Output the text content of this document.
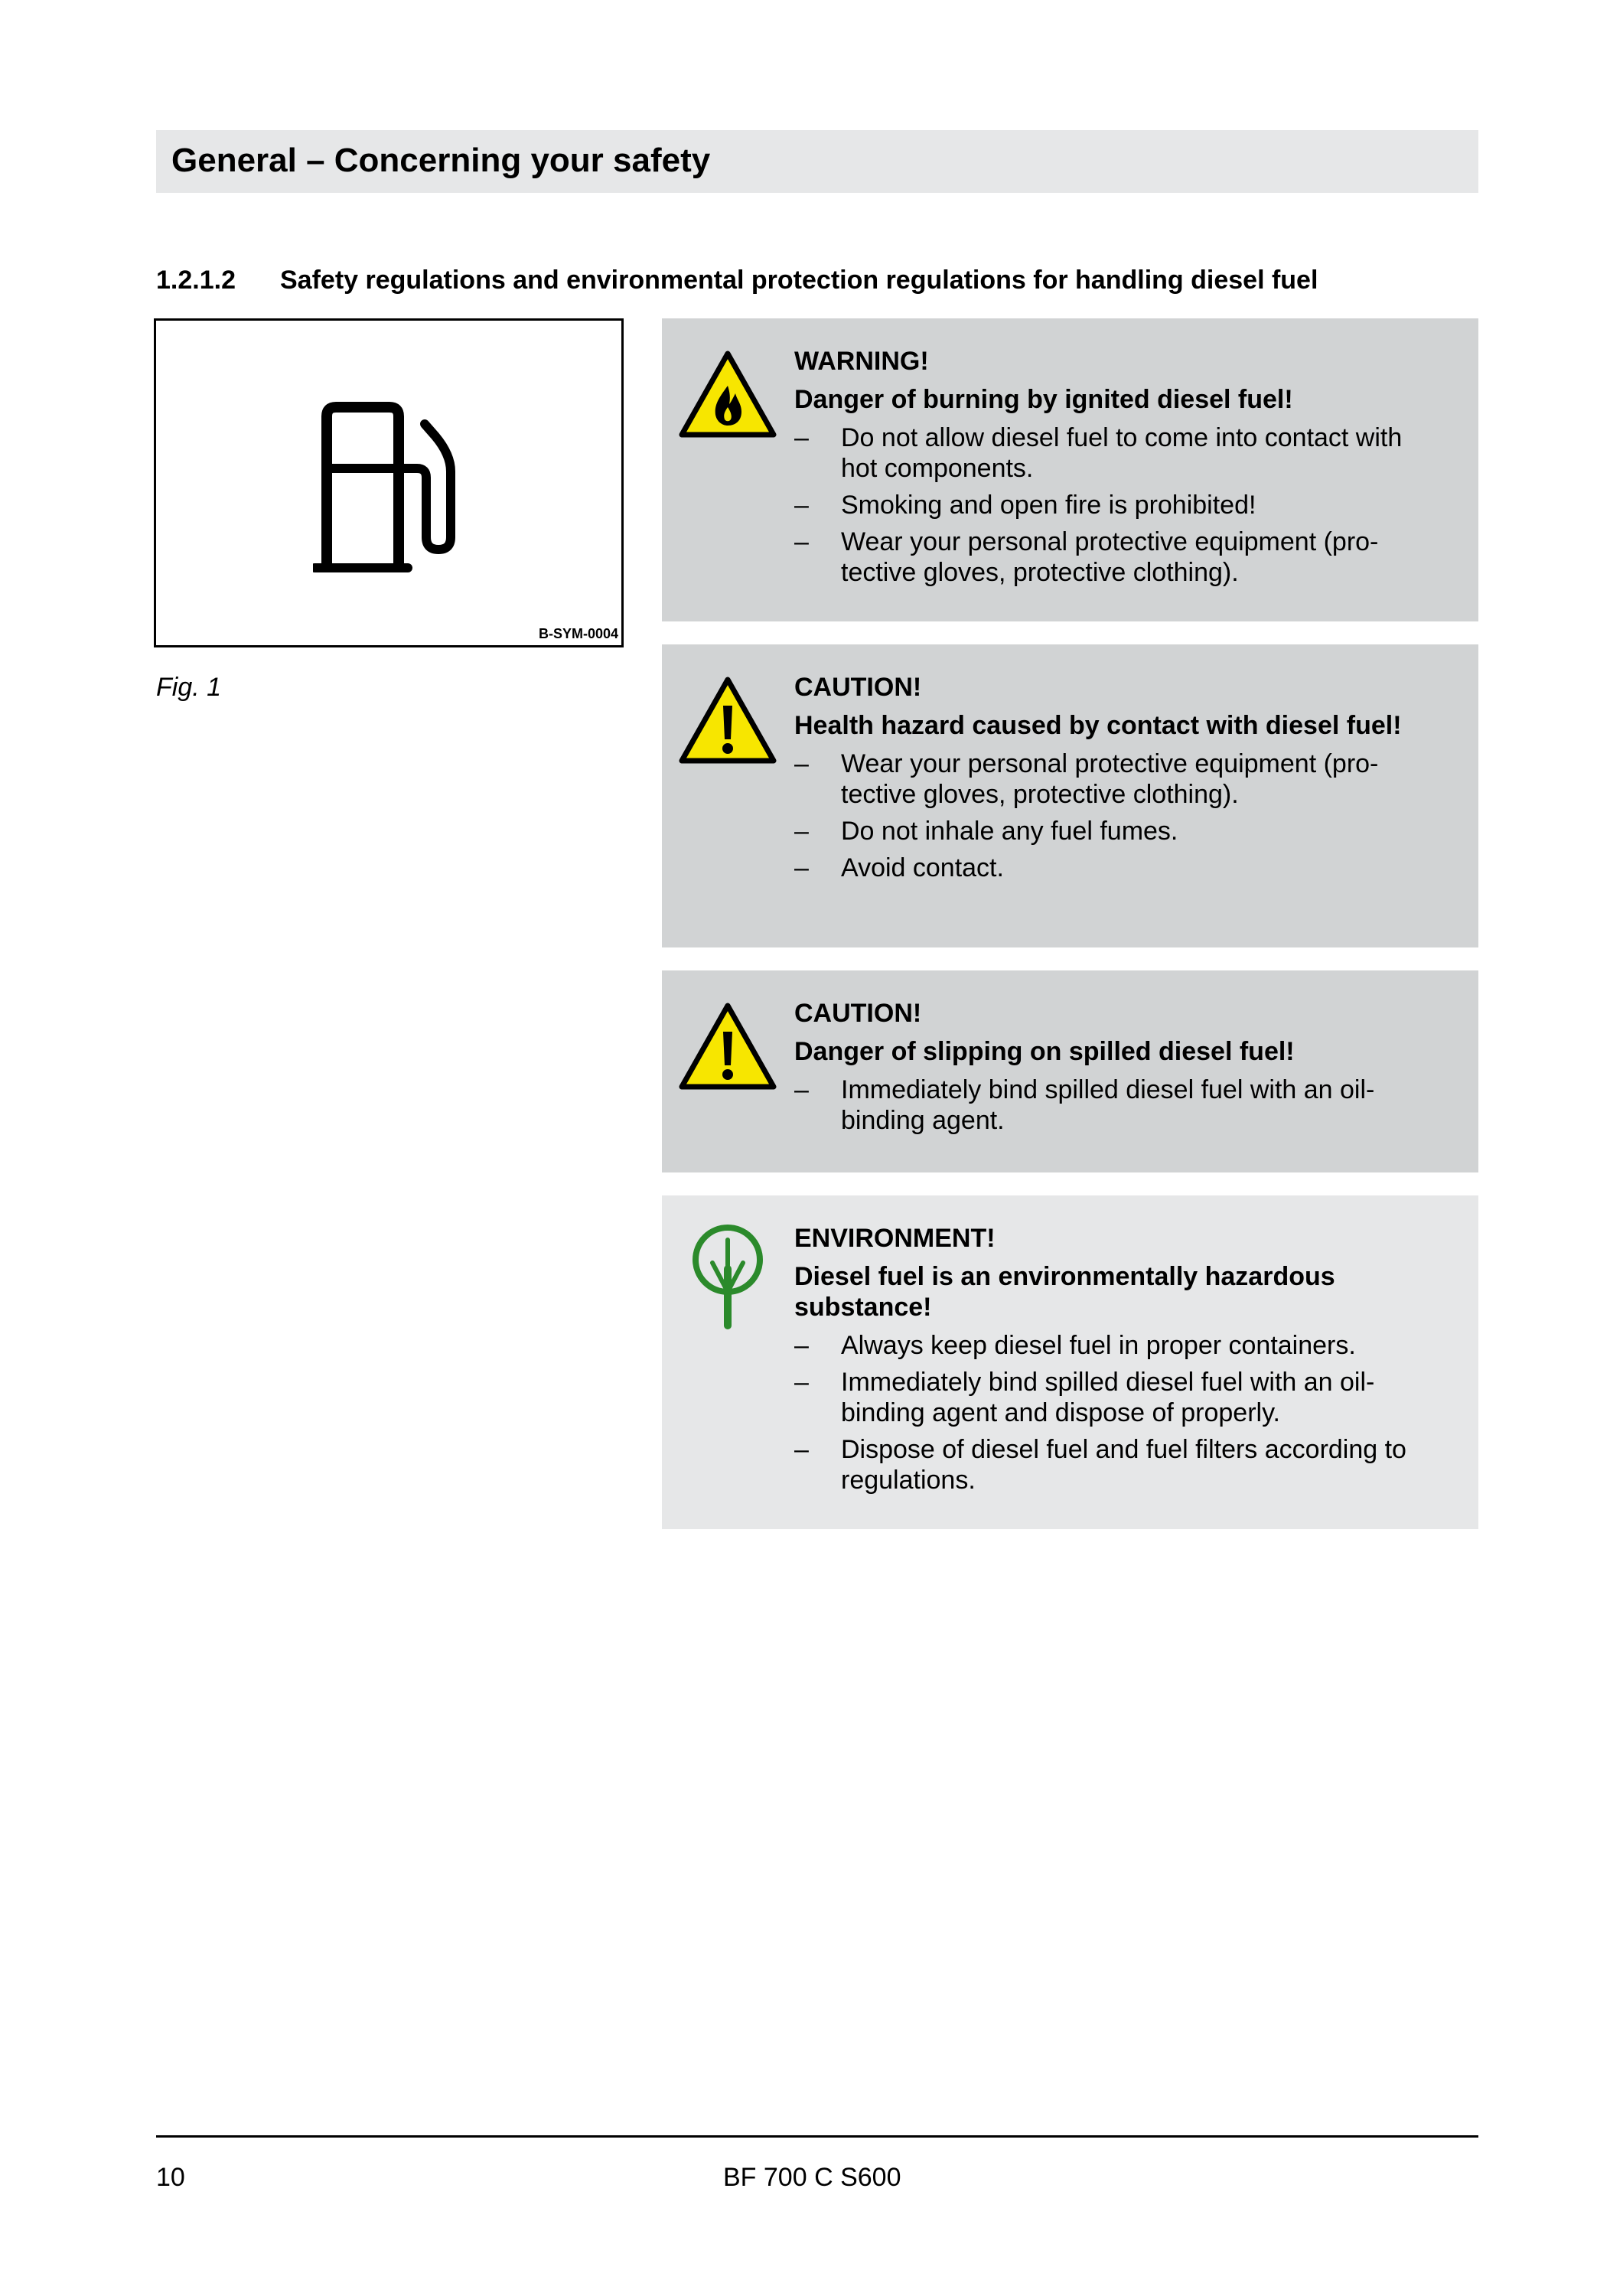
General – Concerning your safety
1.2.1.2 Safety regulations and environmental protection regulations for handling diesel fuel
B-SYM-0004
Fig. 1

WARNING!

Danger of burning by ignited diesel fuel!

– Do not allow diesel fuel to come into contact with hot components.

– Smoking and open fire is prohibited!

– Wear your personal protective equipment (pro-tective gloves, protective clothing).

CAUTION!

Health hazard caused by contact with diesel fuel!

– Wear your personal protective equipment (pro-tective gloves, protective clothing).

– Do not inhale any fuel fumes.

– Avoid contact.

CAUTION!

Danger of slipping on spilled diesel fuel!

– Immediately bind spilled diesel fuel with an oil-binding agent.

ENVIRONMENT!

Diesel fuel is an environmentally hazardous substance!

– Always keep diesel fuel in proper containers.

– Immediately bind spilled diesel fuel with an oil-binding agent and dispose of properly.

– Dispose of diesel fuel and fuel filters according to regulations.

10	BF 700 C S600
